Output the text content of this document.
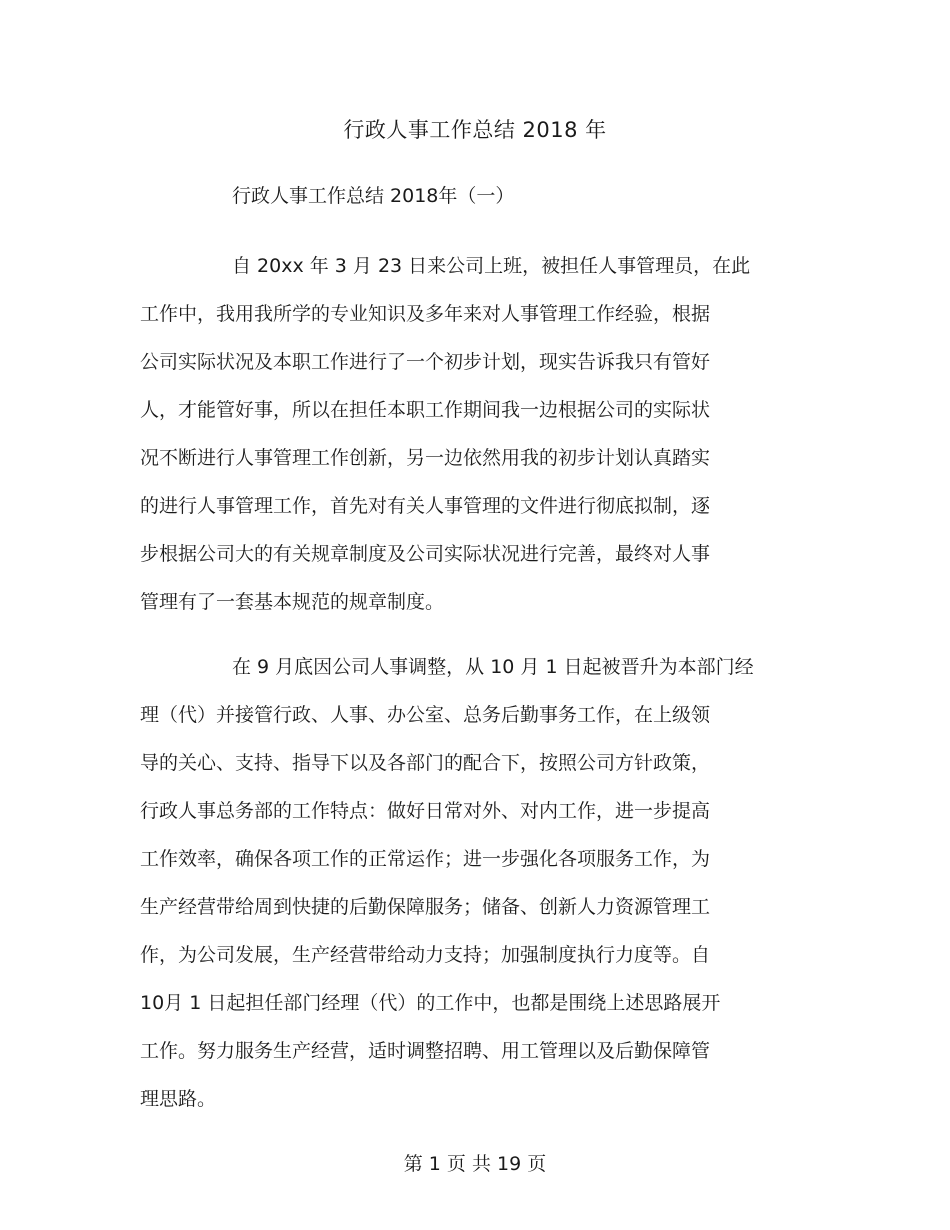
行政人事工作总结 2018 年
行政人事工作总结 2018年（一）
自 20xx 年 3 月 23 日来公司上班，被担任人事管理员，在此
工作中，我用我所学的专业知识及多年来对人事管理工作经验，根据
公司实际状况及本职工作进行了一个初步计划，现实告诉我只有管好
人，才能管好事，所以在担任本职工作期间我一边根据公司的实际状
况不断进行人事管理工作创新，另一边依然用我的初步计划认真踏实
的进行人事管理工作，首先对有关人事管理的文件进行彻底拟制，逐
步根据公司大的有关规章制度及公司实际状况进行完善，最终对人事
管理有了一套基本规范的规章制度。
在 9 月底因公司人事调整，从 10 月 1 日起被晋升为本部门经
理（代）并接管行政、人事、办公室、总务后勤事务工作，在上级领
导的关心、支持、指导下以及各部门的配合下，按照公司方针政策，
行政人事总务部的工作特点：做好日常对外、对内工作，进一步提高
工作效率，确保各项工作的正常运作；进一步强化各项服务工作，为
生产经营带给周到快捷的后勤保障服务；储备、创新人力资源管理工
作，为公司发展，生产经营带给动力支持；加强制度执行力度等。自
10月 1 日起担任部门经理（代）的工作中，也都是围绕上述思路展开
工作。努力服务生产经营，适时调整招聘、用工管理以及后勤保障管
理思路。
第 1 页 共 19 页
